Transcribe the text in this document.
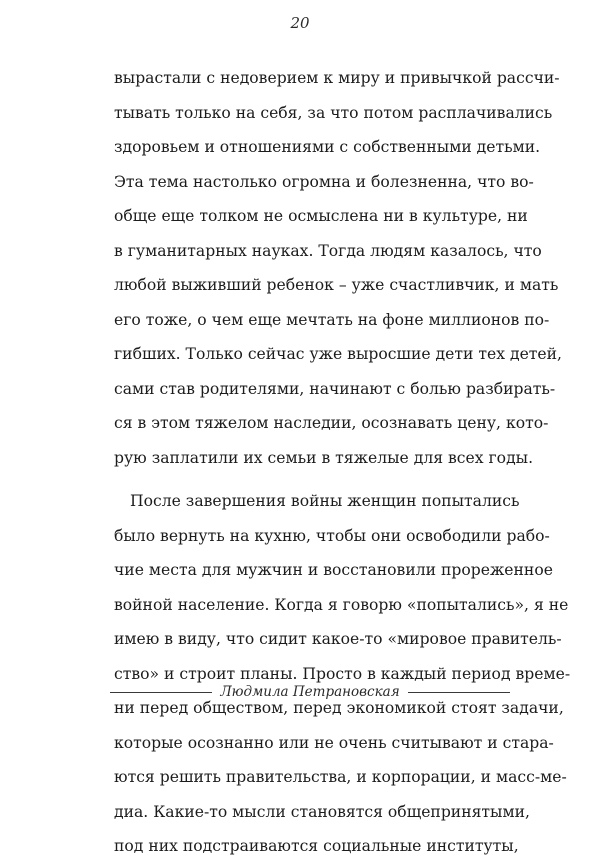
20
вырастали с недоверием к миру и привычкой рассчи-
тывать только на себя, за что потом расплачивались
здоровьем и отношениями с собственными детьми.
Эта тема настолько огромна и болезненна, что во-
обще еще толком не осмыслена ни в культуре, ни
в гуманитарных науках. Тогда людям казалось, что
любой выживший ребенок – уже счастливчик, и мать
его тоже, о чем еще мечтать на фоне миллионов по-
гибших. Только сейчас уже выросшие дети тех детей,
сами став родителями, начинают с болью разбирать-
ся в этом тяжелом наследии, осознавать цену, кото-
рую заплатили их семьи в тяжелые для всех годы.
После завершения войны женщин попытались
было вернуть на кухню, чтобы они освободили рабо-
чие места для мужчин и восстановили прореженное
войной население. Когда я говорю «попытались», я не
имею в виду, что сидит какое-то «мировое правитель-
ство» и строит планы. Просто в каждый период време-
ни перед обществом, перед экономикой стоят задачи,
которые осознанно или не очень считывают и стара-
ются решить правительства, и корпорации, и масс-ме-
диа. Какие-то мысли становятся общепринятыми,
под них подстраиваются социальные институты,
Людмила Петрановская
